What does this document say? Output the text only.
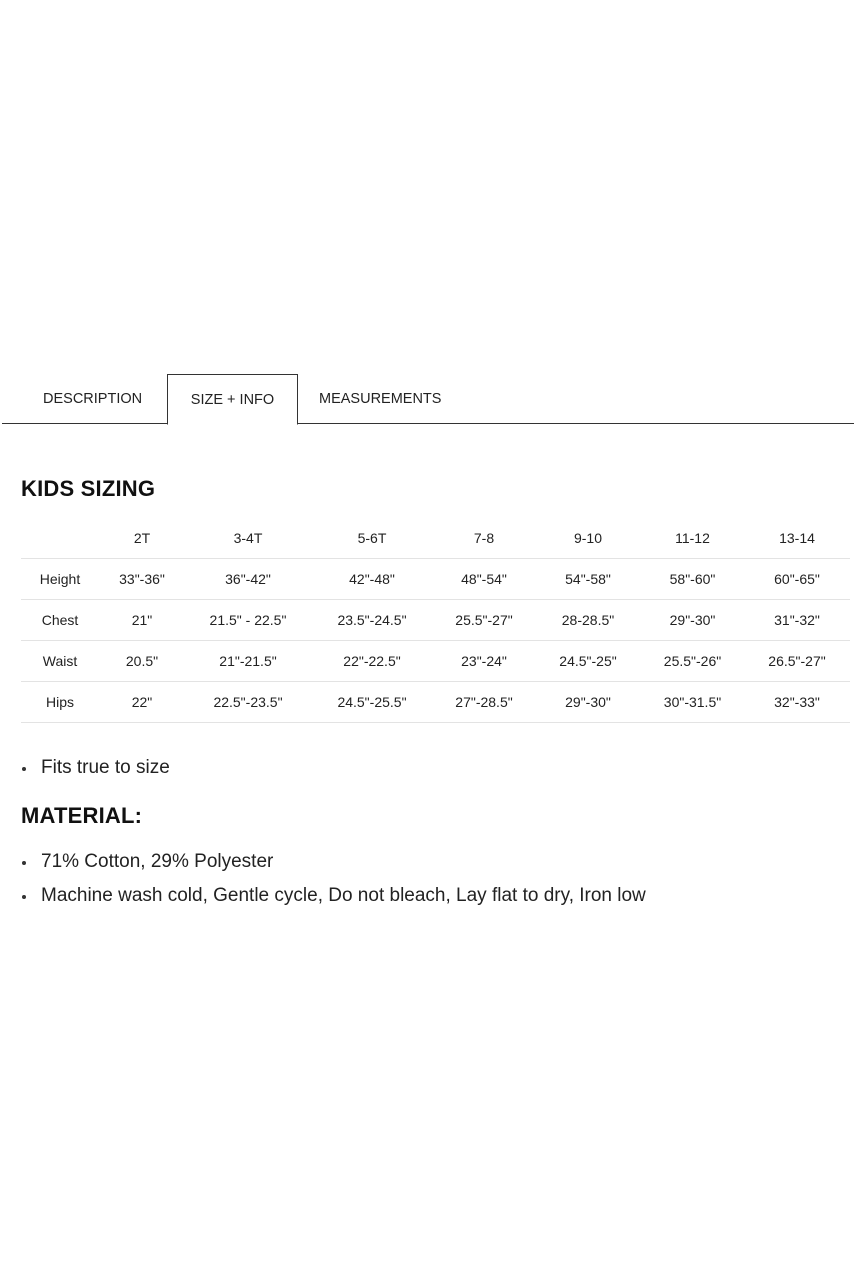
DESCRIPTION	SIZE + INFO	MEASUREMENTS
KIDS SIZING
	2T	3-4T	5-6T	7-8	9-10	11-12	13-14
Height	33"-36"	36"-42"	42"-48"	48"-54"	54"-58"	58"-60"	60"-65"
Chest	21"	21.5" - 22.5"	23.5"-24.5"	25.5"-27"	28-28.5"	29"-30"	31"-32"
Waist	20.5"	21"-21.5"	22"-22.5"	23"-24"	24.5"-25"	25.5"-26"	26.5"-27"
Hips	22"	22.5"-23.5"	24.5"-25.5"	27"-28.5"	29"-30"	30"-31.5"	32"-33"
Fits true to size
MATERIAL:
71% Cotton, 29% Polyester
Machine wash cold, Gentle cycle, Do not bleach, Lay flat to dry, Iron low
